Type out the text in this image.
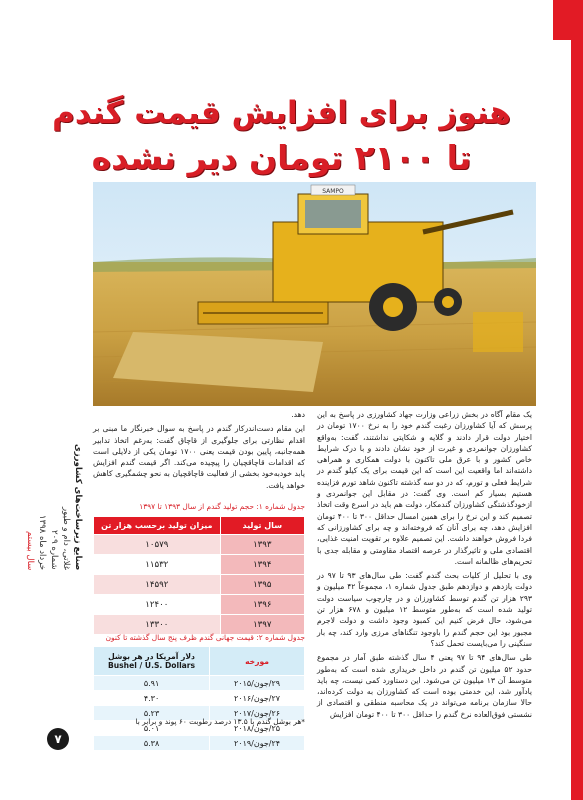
هنوز برای افزایش قیمت گندم
تا ۲۱۰۰ تومان دیر نشده
SAMPO
صنایع زیرساخت‌های کشاورزی
غلاتی، دام و طیور
شماره ۲۰۹
خرداد ماه ۱۳۹۸
سال بیستم

یک مقام آگاه در بخش زراعی وزارت جهاد کشاورزی در پاسخ به این پرسش که آیا کشاورزان رغبت گندم خود را به نرخ ۱۷۰۰ تومان در اختیار دولت قرار دادند و گلایه و شکایتی نداشتند، گفت: به‌واقع کشاورزان جوانمردی و غیرت از خود نشان دادند و با درک شرایط خاص کشور و با عرق ملی تاکنون با دولت همکاری و همراهی داشته‌اند اما واقعیت این است که این قیمت برای یک کیلو گندم در شرایط فعلی و تورم، که در دو سه گذشته تاکنون شاهد تورم فزاینده هستیم بسیار کم است. وی گفت: در مقابل این جوانمردی و ازخودگذشتگی کشاورزان گندمکار، دولت هم باید در اسرع وقت اتخاذ تصمیم کند و این نرخ را برای همین امسال حداقل ۳۰۰ تا ۴۰۰ تومان افزایش دهد، چه برای آنان که فروخته‌اند و چه برای کشاورزانی که فردا فروش خواهند داشت. این تصمیم علاوه بر تقویت امنیت غذایی، اقتصادی ملی و تاثیرگذار در عرصه اقتصاد مقاومتی و مقابله جدی با تحریم‌های ظالمانه است.

وی با تحلیل از کلیات بحث گندم گفت: طی سال‌های ۹۳ تا ۹۷ در دولت یازدهم و دوازدهم طبق جدول شماره ۱، مجموعاً ۴۲ میلیون و ۲۹۳ هزار تن گندم توسط کشاورزان و در چارچوب سیاست دولت تولید شده است که به‌طور متوسط ۱۲ میلیون و ۶۷۸ هزار تن می‌شود، حال فرض کنیم این کمبود وجود داشت و دولت لاجرم مجبور بود این حجم گندم را باوجود تنگناهای مرزی وارد کند، چه بار سنگینی را می‌بایست تحمل کند؟

طی سال‌های ۹۴ تا ۹۷ یعنی ۴ سال گذشته طبق آمار در مجموع حدود ۵۲ میلیون تن گندم در داخل خریداری شده است که به‌طور متوسط آن ۱۳ میلیون تن می‌شود. این دستاورد کمی نیست، چه باید یادآور شد، این خدمتی بوده است که کشاورزان به دولت کرده‌اند، حالا سازمان برنامه می‌تواند در یک محاسبه منطقی و اقتصادی از نشستی فوق‌العاده نرخ گندم را حداقل ۳۰۰ تا ۴۰۰ تومان افزایش

دهد.

این مقام دست‌اندرکار گندم در پاسخ به سوال خبرنگار ما مبنی بر اقدام نظارتی برای جلوگیری از قاچاق گفت: به‌رغم اتخاذ تدابیر همه‌جانبه، پایین بودن قیمت یعنی ۱۷۰۰ تومان یکی از دلایلی است که اقدامات قاچاقچیان را پیچیده می‌کند. اگر قیمت گندم افزایش یابد خودبه‌خود بخشی از فعالیت قاچاقچیان به نحو چشمگیری کاهش خواهد یافت.

جدول شماره ۱: حجم تولید گندم از سال ۱۳۹۳ تا ۱۳۹۷
سال تولید	میزان تولید برحسب هزار تن
۱۳۹۳	۱۰۵۷۹
۱۳۹۴	۱۱۵۳۲
۱۳۹۵	۱۴۵۹۲
۱۳۹۶	۱۲۴۰۰
۱۳۹۷	۱۳۳۰۰
جدول شماره ۲: قیمت جهانی گندم ظرف پنج سال گذشته تا کنون
مورخه	دلار آمریکا در هر بوشل
Bushel / U.S. Dollars

۲۹/جون/۲۰۱۵	۵.۹۱
۲۷/جون/۲۰۱۶	۴.۳۰
۲۶/جون/۲۰۱۷	۵.۲۳
۲۵/جون/۲۰۱۸	۵.۰۱
۲۴/جون/۲۰۱۹	۵.۳۸
*هر بوشل گندم با ۱۳.۵ درصد رطوبت ۶۰ پوند و برابر با
۷
